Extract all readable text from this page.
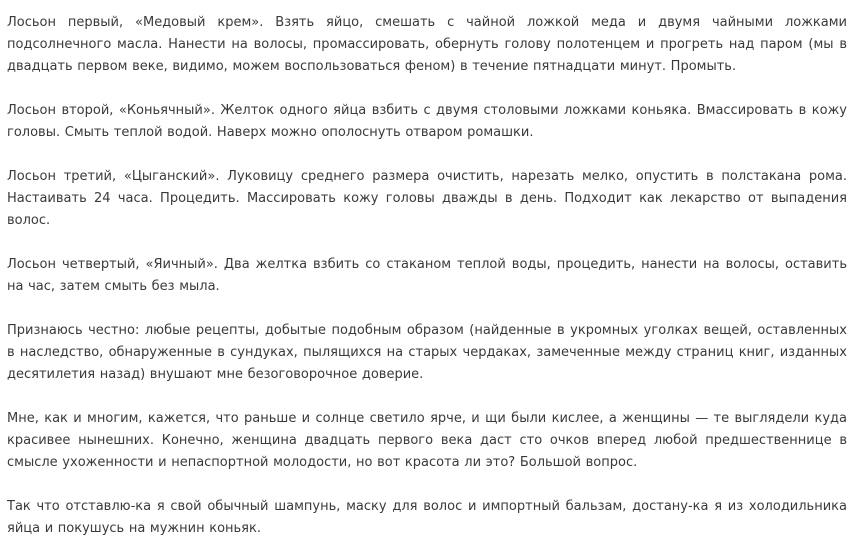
Лосьон первый, «Медовый крем». Взять яйцо, смешать с чайной ложкой меда и двумя чайными ложками подсолнечного масла. Нанести на волосы, промассировать, обернуть голову полотенцем и прогреть над паром (мы в двадцать первом веке, видимо, можем воспользоваться феном) в течение пятнадцати минут. Промыть.

Лосьон второй, «Коньячный». Желток одного яйца взбить с двумя столовыми ложками коньяка. Вмассировать в кожу головы. Смыть теплой водой. Наверх можно ополоснуть отваром ромашки.

Лосьон третий, «Цыганский». Луковицу среднего размера очистить, нарезать мелко, опустить в полстакана рома. Настаивать 24 часа. Процедить. Массировать кожу головы дважды в день. Подходит как лекарство от выпадения волос.

Лосьон четвертый, «Яичный». Два желтка взбить со стаканом теплой воды, процедить, нанести на волосы, оставить на час, затем смыть без мыла.

Признаюсь честно: любые рецепты, добытые подобным образом (найденные в укромных уголках вещей, оставленных в наследство, обнаруженные в сундуках, пылящихся на старых чердаках, замеченные между страниц книг, изданных десятилетия назад) внушают мне безоговорочное доверие.

Мне, как и многим, кажется, что раньше и солнце светило ярче, и щи были кислее, а женщины — те выглядели куда красивее нынешних. Конечно, женщина двадцать первого века даст сто очков вперед любой предшественнице в смысле ухоженности и непаспортной молодости, но вот красота ли это? Большой вопрос.

Так что отставлю-ка я свой обычный шампунь, маску для волос и импортный бальзам, достану-ка я из холодильника яйца и покушусь на мужнин коньяк.
